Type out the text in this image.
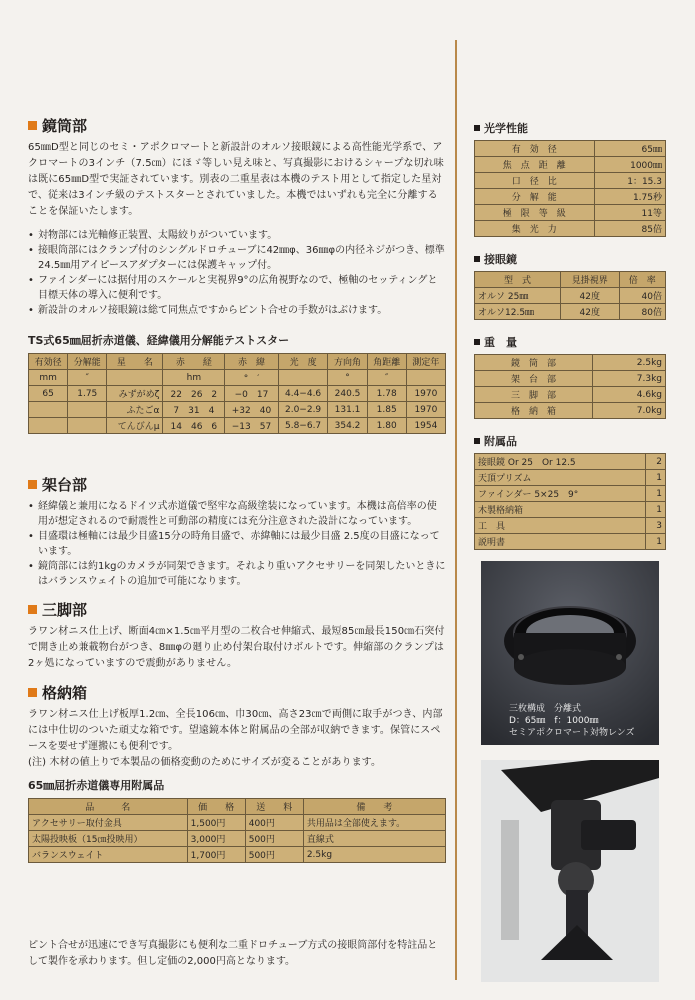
鏡筒部

65㎜D型と同じのセミ・アポクロマートと新設計のオルソ接眼鏡による高性能光学系で、アクロマートの3インチ（7.5㎝）にほゞ等しい見え味と、写真撮影におけるシャープな切れ味は既に65㎜D型で実証されています。別表の二重星表は本機のテスト用として指定した星対で、従来は3インチ級のテストスターとされていました。本機ではいずれも完全に分離することを保証いたします。

• 対物部には光軸修正装置、太陽絞りがついています。
• 接眼筒部にはクランプ付のシングルドロチューブに42㎜φ、36㎜φの内径ネジがつき、標準24.5㎜用アイピースアダプターには保護キャップ付。
• ファインダーには据付用のスケールと実視界9°の広角視野なので、極軸のセッティングと目標天体の導入に便利です。
• 新設計のオルソ接眼鏡は総て同焦点ですからピント合せの手数がはぶけます。
TS式65㎜屈折赤道儀、経緯儀用分解能テストスター
有効径	分解能	星　　名	赤　　経	赤　緯	光　度	方向角	角距離	測定年
mm	″		hm	°　′		°	″	
65	1.75	みずがめζ	22　26　2	−0　17	4.4−4.6	240.5	1.78	1970
		ふたごα	7　31　4	+32　40	2.0−2.9	131.1	1.85	1970
		てんびんμ	14　46　6	−13　57	5.8−6.7	354.2	1.80	1954
架台部
• 経緯儀と兼用になるドイツ式赤道儀で堅牢な高級塗装になっています。本機は高倍率の使用が想定されるので耐震性と可動部の精度には充分注意された設計になっています。
• 目盛環は極軸には最少目盛15分の時角目盛で、赤緯軸には最少目盛 2.5度の目盛になっています。
• 鏡筒部には約1kgのカメラが同架できます。それより重いアクセサリーを同架したいときにはバランスウェイトの追加で可能になります。
三脚部

ラワン材ニス仕上げ、断面4㎝×1.5㎝平月型の二枚合せ伸縮式、最短85㎝最長150㎝石突付で開き止め兼載物台がつき、8㎜φの廻り止め付架台取付けボルトです。伸縮部のクランプは2ヶ処になっていますので震動がありません。

格納箱

ラワン材ニス仕上げ板厚1.2㎝、全長106㎝、巾30㎝、高さ23㎝で両側に取手がつき、内部には中仕切のついた頑丈な箱です。望遠鏡本体と附属品の全部が収納できます。保管にスペースを要せず運搬にも便利です。

(注) 木材の値上りで本製品の価格変動のためにサイズが変ることがあります。

65㎜屈折赤道儀専用附属品
品　　　名	価　　格	送　　料	備　　考
アクセサリー取付金具	1,500円	400円	共用品は全部使えます。
太陽投映板（15㎝投映用）	3,000円	500円	直線式
バランスウェイト	1,700円	500円	2.5kg

ピント合せが迅速にでき写真撮影にも便利な二重ドロチューブ方式の接眼筒部付を特註品として製作を承わります。但し定価の2,000円高となります。

光学性能
有　効　径	65㎜
焦　点　距　離	1000㎜
口　径　比	1：15.3
分　解　能	1.75秒
極　限　等　級	11等
集　光　力	85倍
接眼鏡
型　式	見掛視界	倍　率
オルソ 25㎜	42度	40倍
オルソ12.5㎜	42度	80倍
重　量
鏡　筒　部	2.5kg
架　台　部	7.3kg
三　脚　部	4.6kg
格　納　箱	7.0kg
附属品
接眼鏡 Or 25　Or 12.5	2
天頂プリズム	1
ファインダー 5×25　9°	1
木製格納箱	1
工　具	3
説明書	1
三枚構成　分離式
D：65㎜　f：1000㎜
セミアポクロマート対物レンズ
